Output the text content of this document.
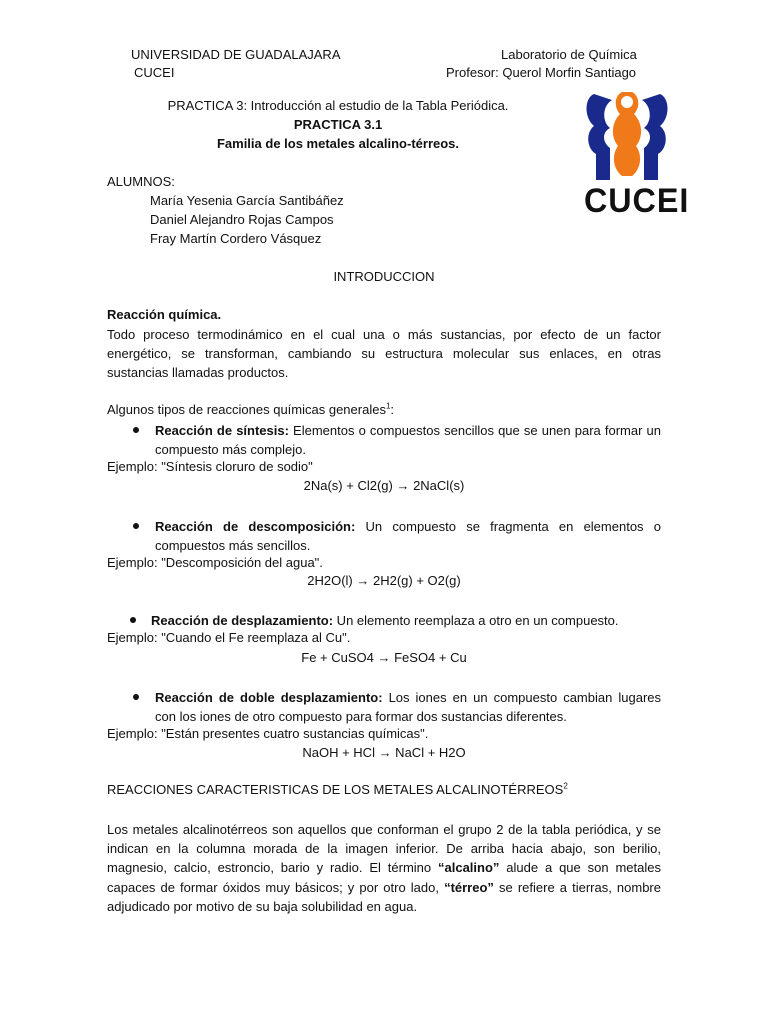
UNIVERSIDAD DE GUADALAJARA
CUCEI
Laboratorio de Química
Profesor: Querol Morfin Santiago
PRACTICA 3: Introducción al estudio de la Tabla Periódica.
PRACTICA 3.1
Familia de los metales alcalino-térreos.
CUCEI
ALUMNOS:
María Yesenia García Santibáñez
Daniel Alejandro Rojas Campos
Fray Martín Cordero Vásquez
INTRODUCCION
Reacción química.
Todo proceso termodinámico en el cual una o más sustancias, por efecto de un factor energético, se transforman, cambiando su estructura molecular sus enlaces, en otras sustancias llamadas productos.
Algunos tipos de reacciones químicas generales$^1$:
Reacción de síntesis: Elementos o compuestos sencillos que se unen para formar un compuesto más complejo.
Ejemplo: "Síntesis cloruro de sodio"
2Na(s) + Cl2(g) → 2NaCl(s)
Reacción de descomposición: Un compuesto se fragmenta en elementos o compuestos más sencillos.
Ejemplo: "Descomposición del agua".
2H2O(l) → 2H2(g) + O2(g)
Reacción de desplazamiento: Un elemento reemplaza a otro en un compuesto.
Ejemplo: "Cuando el Fe reemplaza al Cu".
Fe + CuSO4 → FeSO4 + Cu
Reacción de doble desplazamiento: Los iones en un compuesto cambian lugares con los iones de otro compuesto para formar dos sustancias diferentes.
Ejemplo: "Están presentes cuatro sustancias químicas".
NaOH + HCl → NaCl + H2O
REACCIONES CARACTERISTICAS DE LOS METALES ALCALINOTÉRREOS$^2$
Los metales alcalinotérreos son aquellos que conforman el grupo 2 de la tabla periódica, y se indican en la columna morada de la imagen inferior. De arriba hacia abajo, son berilio, magnesio, calcio, estroncio, bario y radio. El término “alcalino” alude a que son metales capaces de formar óxidos muy básicos; y por otro lado, “térreo” se refiere a tierras, nombre adjudicado por motivo de su baja solubilidad en agua.
